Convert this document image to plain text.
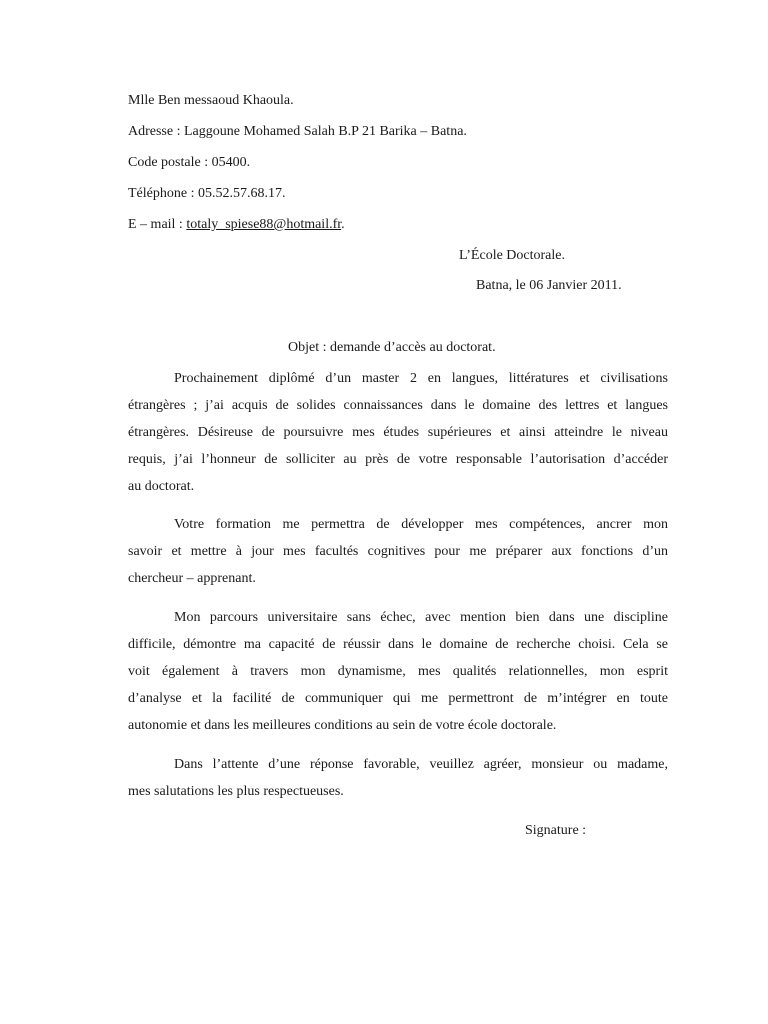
Mlle Ben messaoud Khaoula.
Adresse : Laggoune Mohamed Salah B.P 21 Barika – Batna.
Code postale : 05400.
Téléphone : 05.52.57.68.17.
E – mail : totaly_spiese88@hotmail.fr.
L’École Doctorale.
Batna, le 06 Janvier 2011.
Objet : demande d’accès au doctorat.
Prochainement diplômé d’un master 2 en langues, littératures et civilisations
étrangères ; j’ai acquis de solides connaissances dans le domaine des lettres et langues
étrangères. Désireuse de poursuivre mes études supérieures et ainsi atteindre le niveau
requis, j’ai l’honneur de solliciter au près de votre responsable l’autorisation d’accéder
au doctorat.
Votre formation me permettra de développer mes compétences, ancrer mon
savoir et mettre à jour mes facultés cognitives pour me préparer aux fonctions d’un
chercheur – apprenant.
Mon parcours universitaire sans échec, avec mention bien dans une discipline
difficile, démontre ma capacité de réussir dans le domaine de recherche choisi. Cela se
voit également à travers mon dynamisme, mes qualités relationnelles, mon esprit
d’analyse et la facilité de communiquer qui me permettront de m’intégrer en toute
autonomie et dans les meilleures conditions au sein de votre école doctorale.
Dans l’attente d’une réponse favorable, veuillez agréer, monsieur ou madame,
mes salutations les plus respectueuses.
Signature :
